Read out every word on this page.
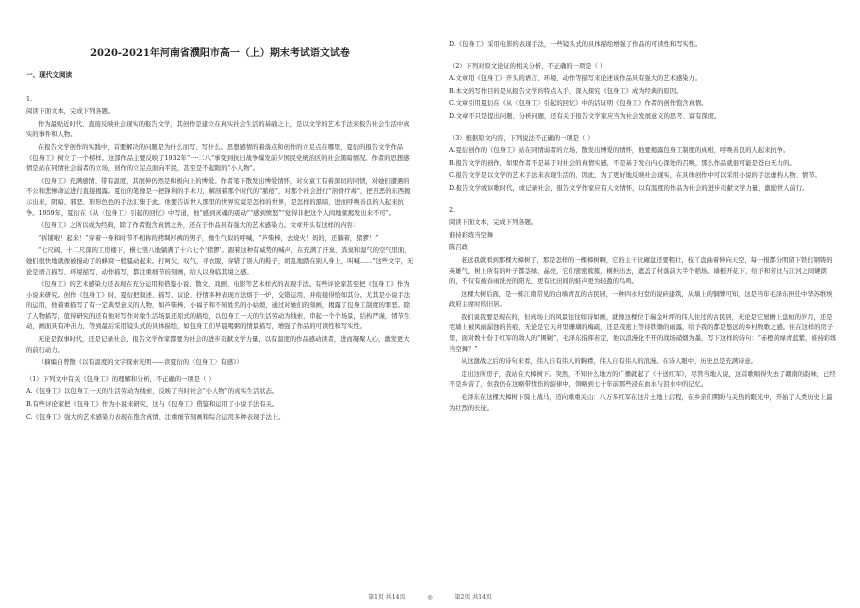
2020-2021年河南省濮阳市高一（上）期末考试语文试卷
一、现代文阅读

1.

阅读下面文本，完成下列各题。

作为最贴近时代、直接反映社会现实的报告文学，其创作是建立在真实社会生活的基础之上，是以文学的艺术手法来报告社会生活中真实的事件和人物。

在报告文学创作的实践中，首要解决的问题是为什么而写、写什么。思想感情的着落点和创作的立足点在哪里，夏衍的报告文学作品《包身工》树立了一个榜样。这部作品主要反映了1932年“一·二八”事变到抗日战争爆发前夕国民党统治区的社会黑暗情况。作者的思想感情是站在同情社会弱者的立场，创作的立足点面向平民，甚至是不起眼的“小人物”。

《包身工》充满感情、带有温度，其展伸仍然是和极向上的博爱。作者笔下散发出博爱情怀，对女童工有着深切的同情，对她们遭遇的不公和悲惨命运进行直接揭露。夏衍的笔像是一把锋利的手术刀，解剖着那个时代的“脓疮”，对那个社会进行“剖骨疗毒”，把丑恶的东西揭示出来，阴暗、邪恶、形形色色的手法汇集于此。他要告诉世人那里的世界究竟是怎样的世界，是怎样的黑暗，进而呼唤善良的人起来抗争。1959年，夏衍在《从〈包身工〉引起的回忆》中写道，他“感到灵魂的震动”“感到愤怒”“觉得非把这个人间地狱揭发出来不可”。

《包身工》之所以成为经典，除了作者饱含真情之外，还在于作品具有强大的艺术感染力。文章开头有这样的内容：

“拆铺啦！起来！”穿着一身和时节不相称的拷绸衫裤的男子，像生气似的呼喊，“芦柴棒，去烧火！妈的，还躺着，猪猡！”

“七尺阔、十二尺深的工房楼下，横七竖八地躺满了十六七个‘猪猡’。跟着这种有威势的喊声，在充满了汗臭、粪臭和湿气的空气里面，她们很快地就像被搅动了的蜂窝一般骚动起来。打呵欠，叹气，寻衣服，穿错了别人的鞋子，胡乱地踏在别人身上，叫喊……”这些文字，无论是语言描写、环境描写、动作描写，都注重细节的刻画，给人以身临其境之感。

《包身工》的艺术感染力还表现在充分运用和借鉴小说、散文、戏剧、电影等艺术样式的表现手法。有些评论家甚至把《包身工》作为小说来研究。创作《包身工》时，夏衍把叙述、描写、议论、抒情多种表现方法熔于一炉，交错运用，并衔接得恰如其分。尤其是小说手法的运用，他着重描写了有一定典型意义的人物，如芦柴棒、小福子和不知姓名的小姑娘，通过对她们的刻画，揭露了包身工制度的罪恶。除了人物描写，值得研究的还有他对写作对象生活场景还原式的描绘，以包身工一天的生活劳动为线索，串起一个个场景，结构严谨，情节生动，画面具有冲击力，等到最后采用镜头式的具体描绘，如包身工们早晨喝粥的情景描写，增强了作品的可读性和写实性。

无论是叙事时代，还是记录社会，报告文学作家都要为社会的进步贡献文学力量，以有温度的作品感动读者，进而凝聚人心，激发更大的前行动力。

（摘编自曾散《以有温度的文字探索光明——读夏衍的〈包身工〉有感》）

（1）下列文中有关《包身工》的理解和分析，不正确的一项是（ ）

A.《包身工》以包身工一天的生活劳动为线索，反映了当时社会“小人物”的真实生活状态。

B.有些评论家把《包身工》作为小说来研究，这与《包身工》借鉴和运用了小说手法有关。

C.《包身工》强大的艺术感染力表现在饱含真情、注重细节刻画和综合运用多种表现手法上。

D.《包身工》采用电影的表现手法，一些镜头式的具体描绘增强了作品的可读性和写实性。

（2）下列对原文论证的相关分析，不正确的一项是（ ）

A.文章用《包身工》开头的语言、环境、动作等描写来论述该作品具有强大的艺术感染力。

B.本文的写作目的是从报告文学的特点入手，深入探究《包身工》成为经典的原因。

C.文章引用夏衍在《从〈包身工〉引起的回忆》中的话证明《包身工》作者的创作饱含真情。

D.文章不只是提出问题、分析问题，还有关于报告文学家应当为社会发展意义的思考、富有深度。

（3）根据原文内容，下列说法不正确的一项是（ ）

A.夏衍创作的《包身工》站在同情弱者的立场，散发出博爱的情怀，他要揭露包身工制度的真相，呼唤善良的人起来抗争。

B.报告文学的创作，如果作者不是基于对社会的真情实感，不是基于发自内心深处的召唤，那么作品就很可能是苍白无力的。

C.报告文学是以文学的艺术手法来表现生活的，因此，为了更好地反映社会现实，在具体创作中可以采用小说的手法虚构人物、情节。

D.报告文学或讴歌时代，或记录社会，报告文学作家应有人文情怀，以有温度的作品为社会的进步贡献文学力量，激励世人前行。

2.

阅读下面文本，完成下列各题。

谁持彩练当空舞

陈召政

老远我就看到那棵大樟树了，那是怎样的一棵樟树啊，它的主干比碾盘还要粗壮，枝丫盘曲着伸向天空，每一根都分明留下铁打钢铸的英雄气，树上所有的叶子都茎绿，晶亮，它们密密簇簇，横担出去，遮盖了村落前大半个稻场。墙根开花下，给予和芳比与江河之间硬朗的，不仅有被春雨洗亮的阳光，更有比田间的蛙声更为轻盈的鸟鸣。

这棵大树后面，是一栋江南常见的白墙青瓦的古民居，一种四水归堂的说砖建筑，从墙上的铜牌可知，这是当年毛泽东担任中华苏维埃政府主席时的旧居。

我们说我要是现在的，但真场上的风景往往如诗如画，就像这棵位于瑞金叶坪的伟人住过的古民居，无论是它屋檐上盘桓的岁月，还是宅墙上被风雨漏蚀的苔痕，无论是它天井里珊瑚的梅疏，还是茂密上等待铁锄的雨露，给予我的都是悠远的乡村牧歌之感。住在这样的房子里，面对数十份于红军的敌人的“围剿”，毛泽东指挥若定，他以浪漫化不开的战场硝烟为墨，写下这样的诗句：“赤橙黄绿青蓝紫，谁持彩练当空舞？”

从这激战之后的诗句来看，伟人自有伟人的胸襟，伟人自有伟人的浪漫。在诗人眼中，历史总是充满诗意。

走出这所房子，我站在大樟树下。突然，不知什么地方的广播就起了《十送红军》，尽管当地人说，这首歌唱得失去了赣南的韵味，已经不是乡音了，但我仍在这略带忧伤的旋律中，领略到七十年前那些浸在血水与泪水中的记忆。

毛泽东在这棵大樟树下骑上战马，迈向重重关山：八万多红军在这片土地上启程，在乡亲们期盼与关热的眼光中，开始了人类历史上最为壮烈的长征。

第1页 共14页	◎	第2页 共14页
